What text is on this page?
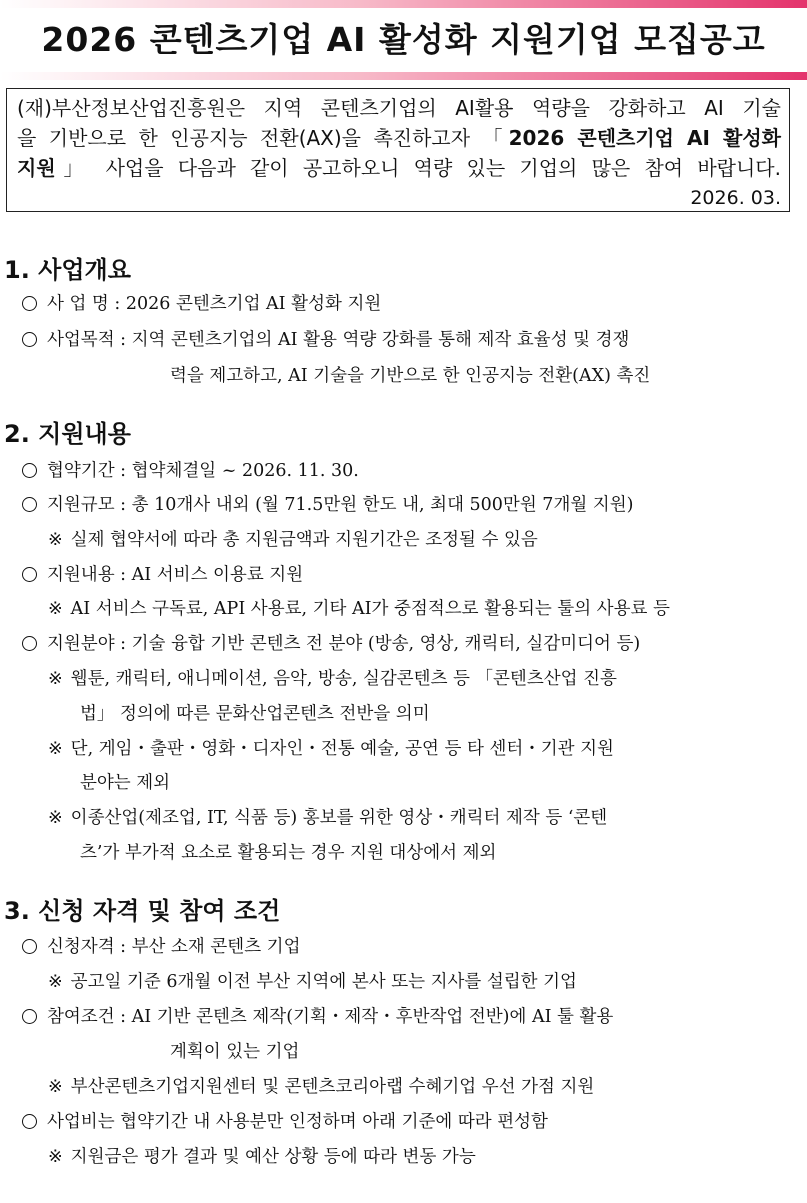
2026 콘텐츠기업 AI 활성화 지원기업 모집공고
(재)부산정보산업진흥원은 지역 콘텐츠기업의 AI활용 역량을 강화하고 AI 기술
을 기반으로 한 인공지능 전환(AX)을 촉진하고자 「2026 콘텐츠기업 AI 활성화
지원」 사업을 다음과 같이 공고하오니 역량 있는 기업의 많은 참여 바랍니다.
2026. 03.
1. 사업개요
사 업 명 : 2026 콘텐츠기업 AI 활성화 지원
사업목적 : 지역 콘텐츠기업의 AI 활용 역량 강화를 통해 제작 효율성 및 경쟁
력을 제고하고, AI 기술을 기반으로 한 인공지능 전환(AX) 촉진
2. 지원내용
협약기간 : 협약체결일 ~ 2026. 11. 30.
지원규모 : 총 10개사 내외 (월 71.5만원 한도 내, 최대 500만원 7개월 지원)
※ 실제 협약서에 따라 총 지원금액과 지원기간은 조정될 수 있음
지원내용 : AI 서비스 이용료 지원
※ AI 서비스 구독료, API 사용료, 기타 AI가 중점적으로 활용되는 툴의 사용료 등
지원분야 : 기술 융합 기반 콘텐츠 전 분야 (방송, 영상, 캐릭터, 실감미디어 등)
※ 웹툰, 캐릭터, 애니메이션, 음악, 방송, 실감콘텐츠 등 「콘텐츠산업 진흥
법」 정의에 따른 문화산업콘텐츠 전반을 의미
※ 단, 게임・출판・영화・디자인・전통 예술, 공연 등 타 센터・기관 지원
분야는 제외
※ 이종산업(제조업, IT, 식품 등) 홍보를 위한 영상・캐릭터 제작 등 ‘콘텐
츠’가 부가적 요소로 활용되는 경우 지원 대상에서 제외
3. 신청 자격 및 참여 조건
신청자격 : 부산 소재 콘텐츠 기업
※ 공고일 기준 6개월 이전 부산 지역에 본사 또는 지사를 설립한 기업
참여조건 : AI 기반 콘텐츠 제작(기획・제작・후반작업 전반)에 AI 툴 활용
계획이 있는 기업
※ 부산콘텐츠기업지원센터 및 콘텐츠코리아랩 수혜기업 우선 가점 지원
사업비는 협약기간 내 사용분만 인정하며 아래 기준에 따라 편성함
※ 지원금은 평가 결과 및 예산 상황 등에 따라 변동 가능
